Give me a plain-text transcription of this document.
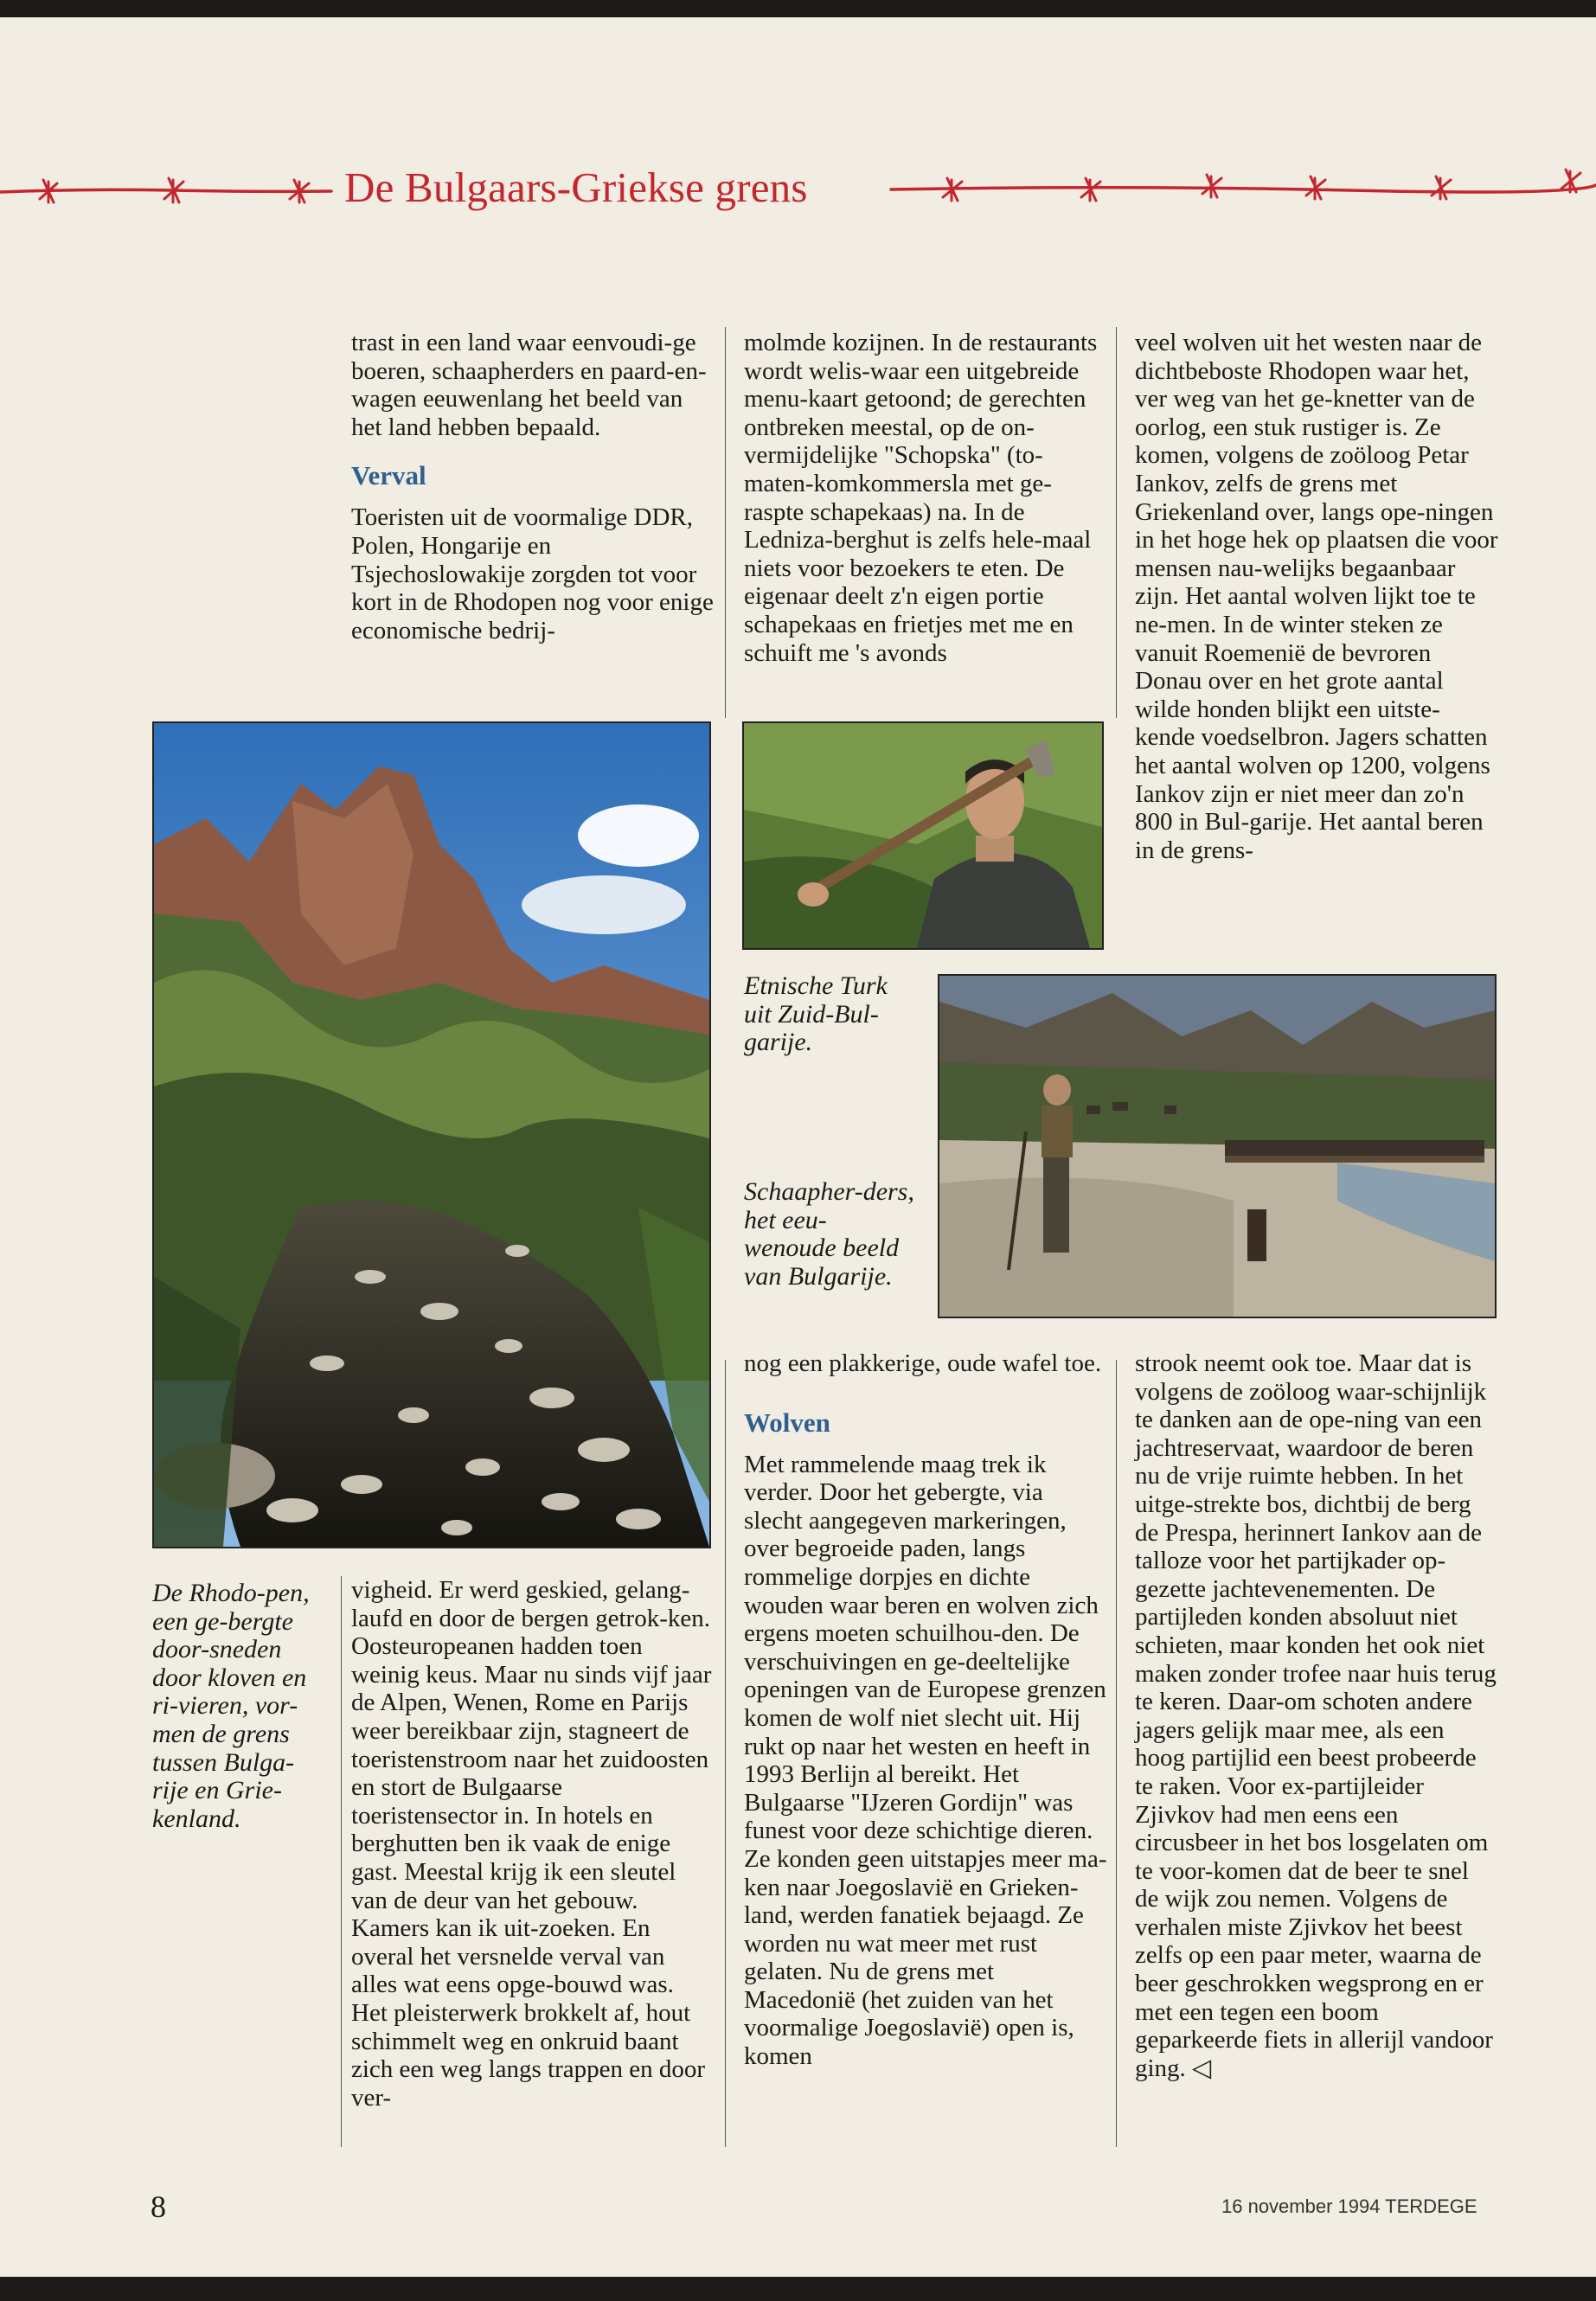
De Bulgaars-Griekse grens

trast in een land waar eenvoudi-ge boeren, schaapherders en paard-en-wagen eeuwenlang het beeld van het land hebben bepaald.

Verval

Toeristen uit de voormalige DDR, Polen, Hongarije en Tsjechoslowakije zorgden tot voor kort in de Rhodopen nog voor enige economische bedrij-

molmde kozijnen. In de restaurants wordt welis-waar een uitgebreide menu-kaart getoond; de gerechten ontbreken meestal, op de on-vermijdelijke "Schopska" (to-maten-komkommersla met ge-raspte schapekaas) na. In de Ledniza-berghut is zelfs hele-maal niets voor bezoekers te eten. De eigenaar deelt z'n eigen portie schapekaas en frietjes met me en schuift me 's avonds

veel wolven uit het westen naar de dichtbeboste Rhodopen waar het, ver weg van het ge-knetter van de oorlog, een stuk rustiger is. Ze komen, volgens de zoöloog Petar Iankov, zelfs de grens met Griekenland over, langs ope-ningen in het hoge hek op plaatsen die voor mensen nau-welijks begaanbaar zijn. Het aantal wolven lijkt toe te ne-men. In de winter steken ze vanuit Roemenië de bevroren Donau over en het grote aantal wilde honden blijkt een uitste-kende voedselbron. Jagers schatten het aantal wolven op 1200, volgens Iankov zijn er niet meer dan zo'n 800 in Bul-garije. Het aantal beren in de grens-

Etnische Turk uit Zuid-Bul-garije.
Schaapher-ders, het eeu-wenoude beeld van Bulgarije.
De Rhodo-pen, een ge-bergte door-sneden door kloven en ri-vieren, vor-men de grens tussen Bulga-rije en Grie-kenland.

vigheid. Er werd geskied, gelang-laufd en door de bergen getrok-ken. Oosteuropeanen hadden toen weinig keus. Maar nu sinds vijf jaar de Alpen, Wenen, Rome en Parijs weer bereikbaar zijn, stagneert de toeristenstroom naar het zuidoosten en stort de Bulgaarse toeristensector in. In hotels en berghutten ben ik vaak de enige gast. Meestal krijg ik een sleutel van de deur van het gebouw. Kamers kan ik uit-zoeken. En overal het versnelde verval van alles wat eens opge-bouwd was. Het pleisterwerk brokkelt af, hout schimmelt weg en onkruid baant zich een weg langs trappen en door ver-

nog een plakkerige, oude wafel toe.

Wolven

Met rammelende maag trek ik verder. Door het gebergte, via slecht aangegeven markeringen, over begroeide paden, langs rommelige dorpjes en dichte wouden waar beren en wolven zich ergens moeten schuilhou-den. De verschuivingen en ge-deeltelijke openingen van de Europese grenzen komen de wolf niet slecht uit. Hij rukt op naar het westen en heeft in 1993 Berlijn al bereikt. Het Bulgaarse "IJzeren Gordijn" was funest voor deze schichtige dieren. Ze konden geen uitstapjes meer ma-ken naar Joegoslavië en Grieken-land, werden fanatiek bejaagd. Ze worden nu wat meer met rust gelaten. Nu de grens met Macedonië (het zuiden van het voormalige Joegoslavië) open is, komen

strook neemt ook toe. Maar dat is volgens de zoöloog waar-schijnlijk te danken aan de ope-ning van een jachtreservaat, waardoor de beren nu de vrije ruimte hebben. In het uitge-strekte bos, dichtbij de berg de Prespa, herinnert Iankov aan de talloze voor het partijkader op-gezette jachtevenementen. De partijleden konden absoluut niet schieten, maar konden het ook niet maken zonder trofee naar huis terug te keren. Daar-om schoten andere jagers gelijk maar mee, als een hoog partijlid een beest probeerde te raken. Voor ex-partijleider Zjivkov had men eens een circusbeer in het bos losgelaten om te voor-komen dat de beer te snel de wijk zou nemen. Volgens de verhalen miste Zjivkov het beest zelfs op een paar meter, waarna de beer geschrokken wegsprong en er met een tegen een boom geparkeerde fiets in allerijl vandoor ging. ◁

8	16 november 1994 TERDEGE
